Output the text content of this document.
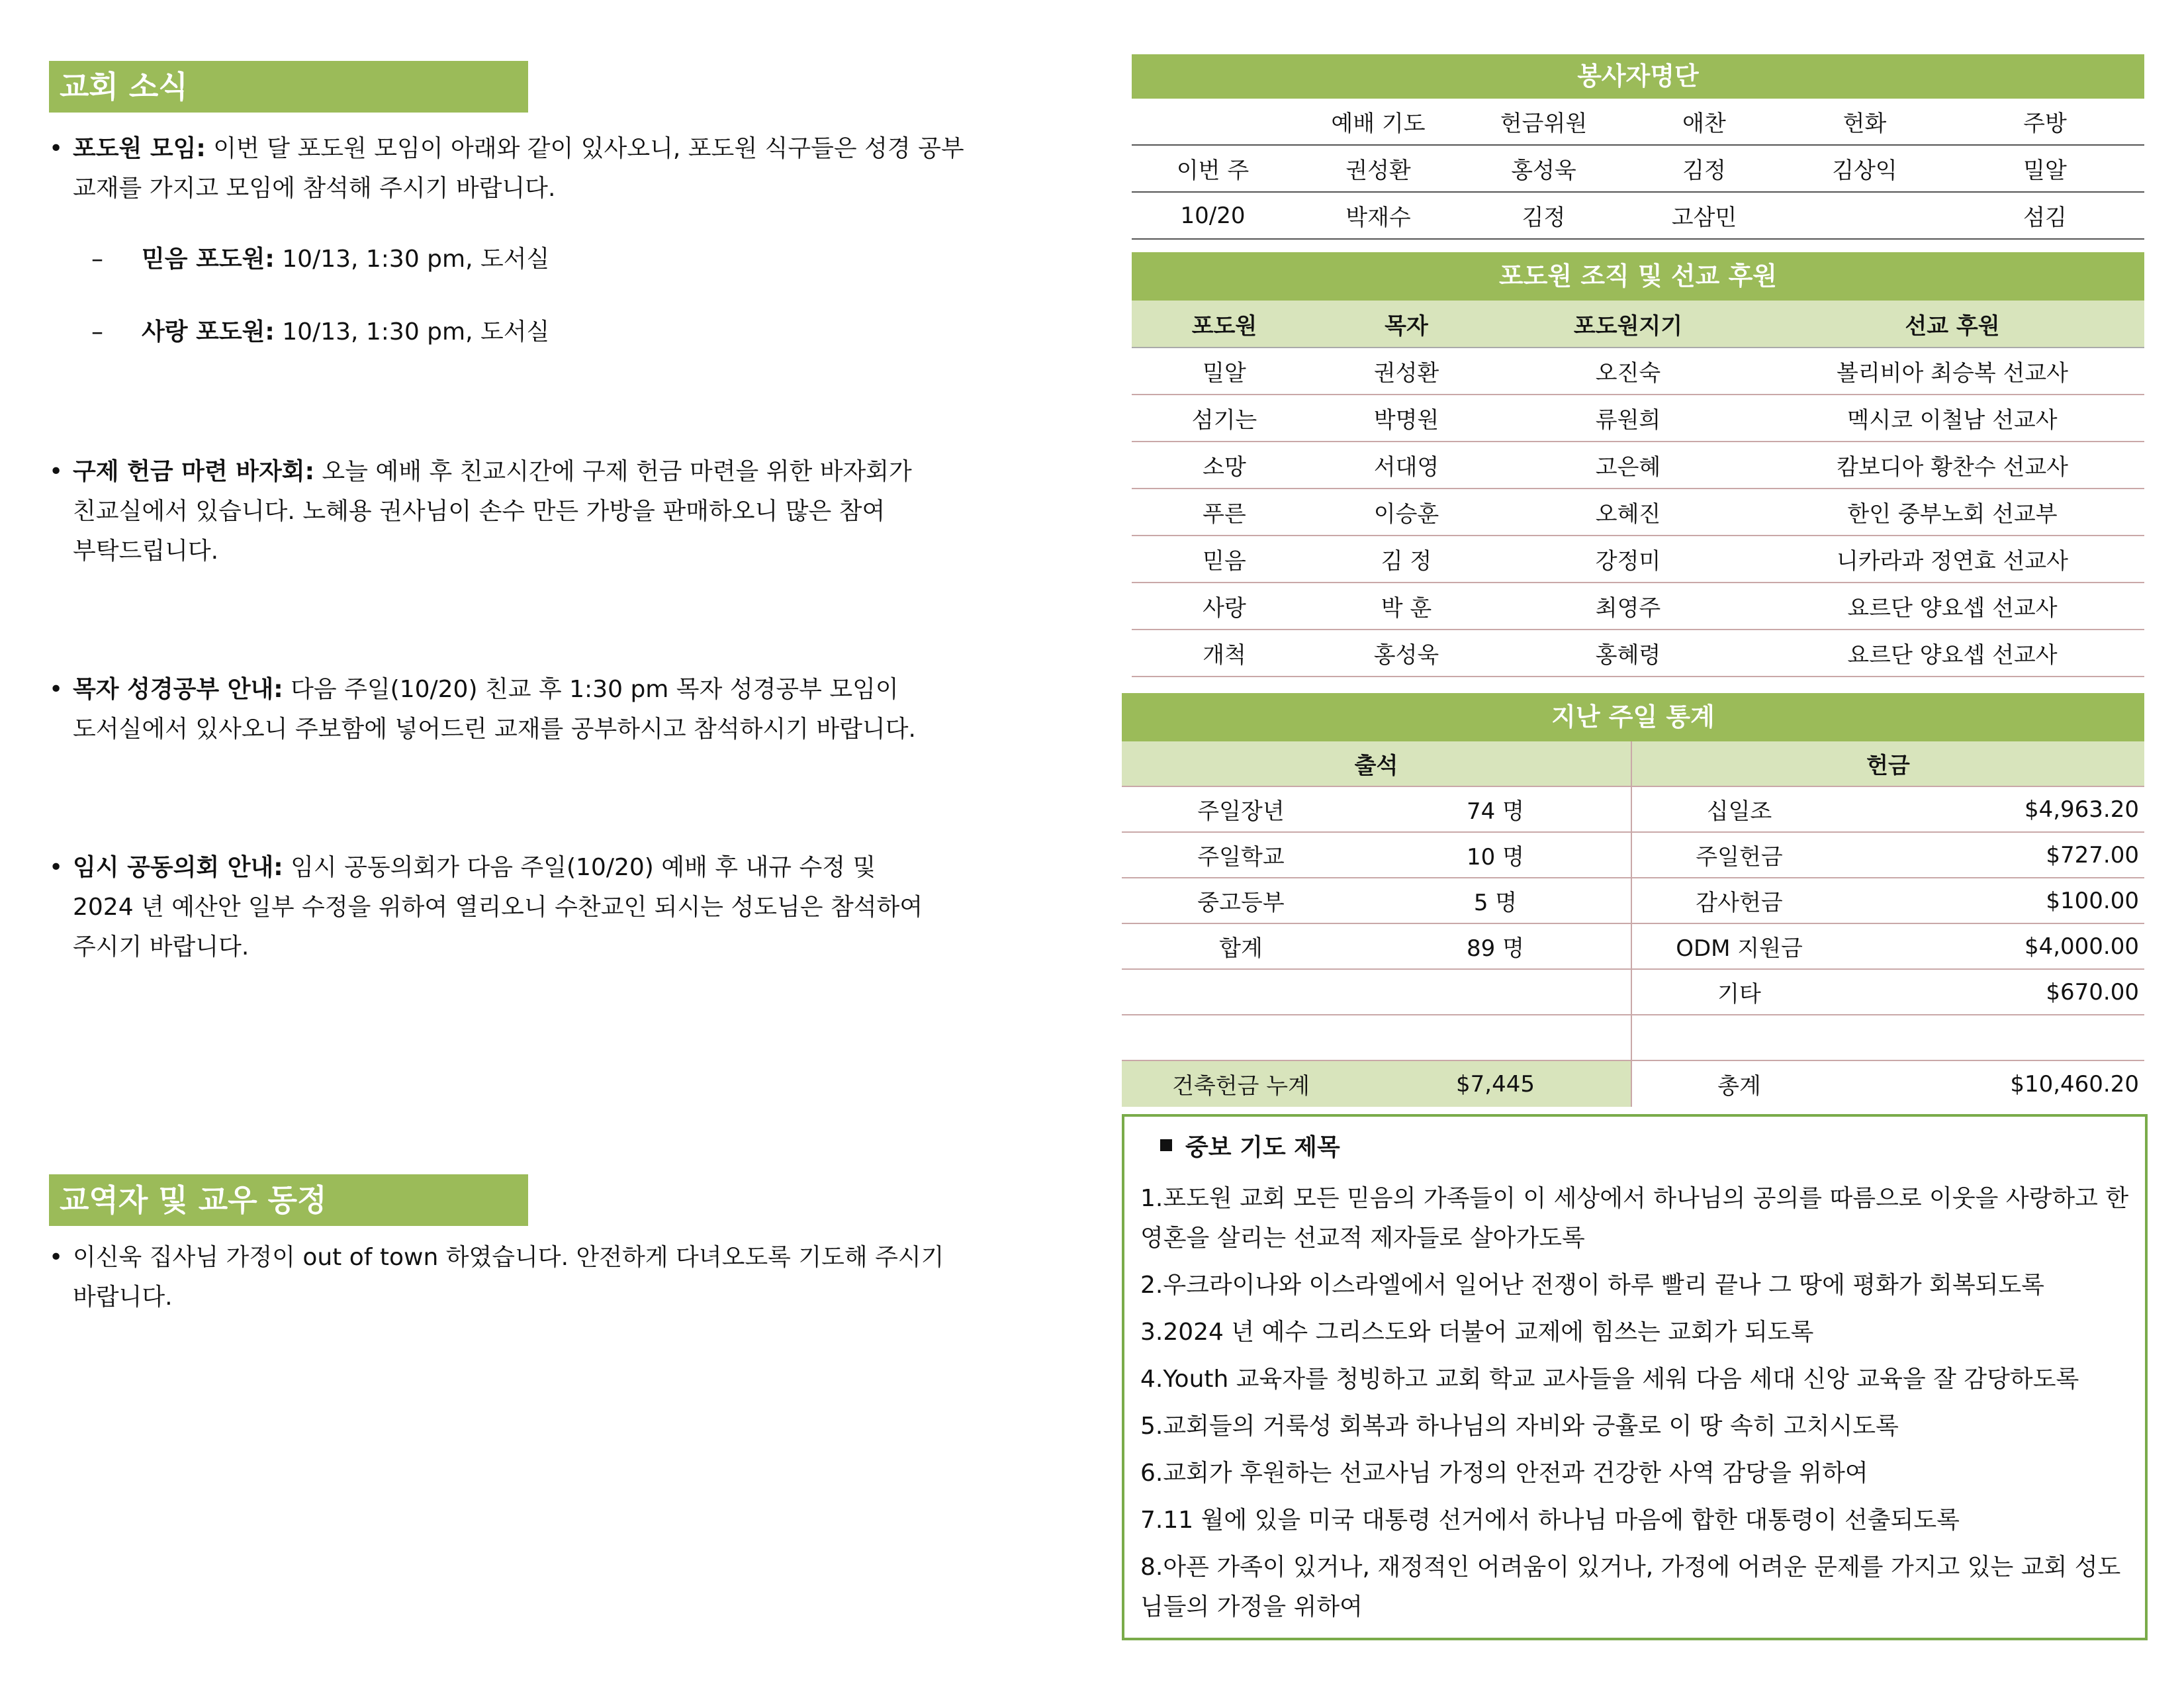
교회 소식
• 포도원 모임: 이번 달 포도원 모임이 아래와 같이 있사오니, 포도원 식구들은 성경 공부
교재를 가지고 모임에 참석해 주시기 바랍니다.
– 믿음 포도원: 10/13, 1:30 pm, 도서실
– 사랑 포도원: 10/13, 1:30 pm, 도서실
• 구제 헌금 마련 바자회: 오늘 예배 후 친교시간에 구제 헌금 마련을 위한 바자회가
친교실에서 있습니다. 노혜용 권사님이 손수 만든 가방을 판매하오니 많은 참여
부탁드립니다.
• 목자 성경공부 안내: 다음 주일(10/20) 친교 후 1:30 pm 목자 성경공부 모임이
도서실에서 있사오니 주보함에 넣어드린 교재를 공부하시고 참석하시기 바랍니다.
• 임시 공동의회 안내: 임시 공동의회가 다음 주일(10/20) 예배 후 내규 수정 및
2024 년 예산안 일부 수정을 위하여 열리오니 수찬교인 되시는 성도님은 참석하여
주시기 바랍니다.
교역자 및 교우 동정
• 이신욱 집사님 가정이 out of town 하였습니다. 안전하게 다녀오도록 기도해 주시기
바랍니다.
봉사자명단
	예배 기도	헌금위원	애찬	헌화	주방
이번 주	권성환	홍성욱	김정	김상익	밀알
10/20	박재수	김정	고삼민		섬김
포도원 조직 및 선교 후원
포도원	목자	포도원지기	선교 후원
밀알	권성환	오진숙	볼리비아 최승복 선교사
섬기는	박명원	류원희	멕시코 이철남 선교사
소망	서대영	고은혜	캄보디아 황찬수 선교사
푸른	이승훈	오혜진	한인 중부노회 선교부
믿음	김 정	강정미	니카라과 정연효 선교사
사랑	박 훈	최영주	요르단 양요셉 선교사
개척	홍성욱	홍혜령	요르단 양요셉 선교사
지난 주일 통계
출석		헌금	
주일장년	74 명	십일조	$4,963.20
주일학교	10 명	주일헌금	$727.00
중고등부	5 명	감사헌금	$100.00
합계	89 명	ODM 지원금	$4,000.00
		기타	$670.00

건축헌금 누계	$7,445	총계	$10,460.20
중보 기도 제목
1.포도원 교회 모든 믿음의 가족들이 이 세상에서 하나님의 공의를 따름으로 이웃을 사랑하고 한 영혼을 살리는 선교적 제자들로 살아가도록
2.우크라이나와 이스라엘에서 일어난 전쟁이 하루 빨리 끝나 그 땅에 평화가 회복되도록
3.2024 년 예수 그리스도와 더불어 교제에 힘쓰는 교회가 되도록
4.Youth 교육자를 청빙하고 교회 학교 교사들을 세워 다음 세대 신앙 교육을 잘 감당하도록
5.교회들의 거룩성 회복과 하나님의 자비와 긍휼로 이 땅 속히 고치시도록
6.교회가 후원하는 선교사님 가정의 안전과 건강한 사역 감당을 위하여
7.11 월에 있을 미국 대통령 선거에서 하나님 마음에 합한 대통령이 선출되도록
8.아픈 가족이 있거나, 재정적인 어려움이 있거나, 가정에 어려운 문제를 가지고 있는 교회 성도님들의 가정을 위하여
